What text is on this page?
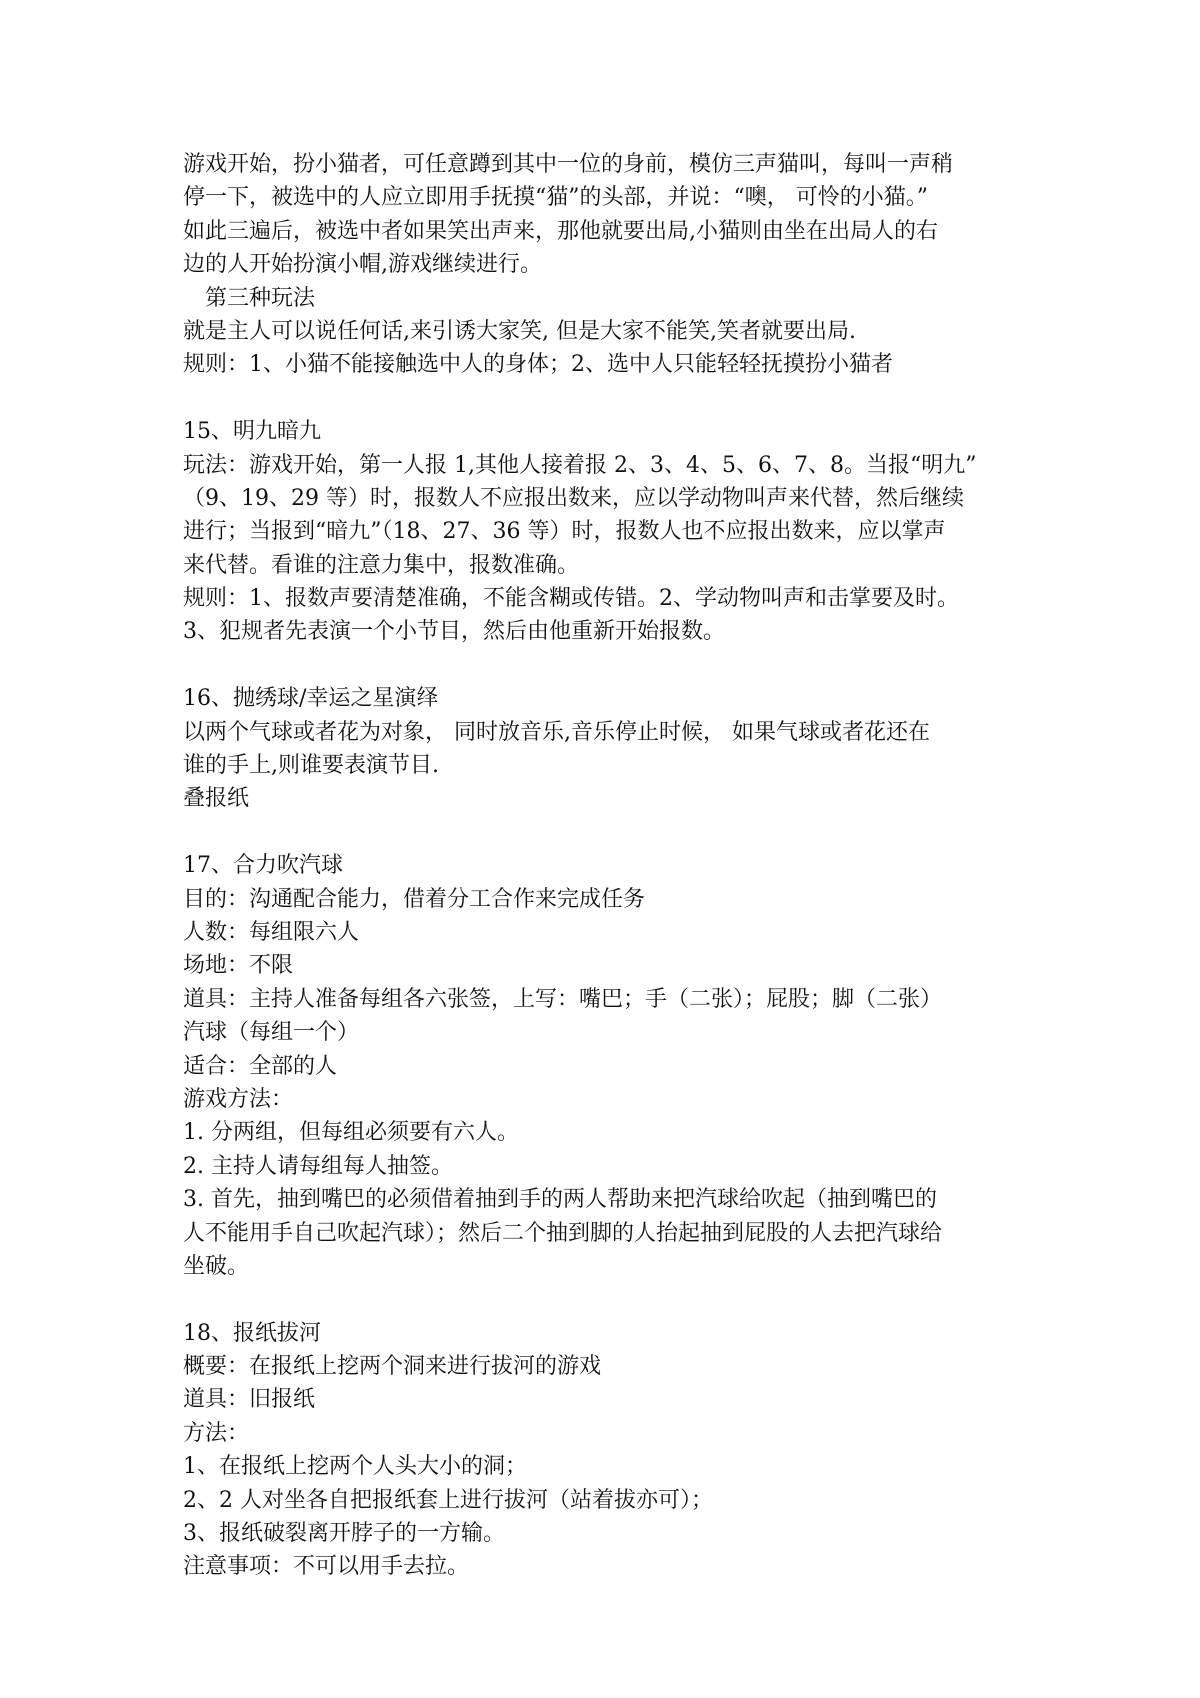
游戏开始，扮小猫者，可任意蹲到其中一位的身前，模仿三声猫叫，每叫一声稍
停一下，被选中的人应立即用手抚摸“猫”的头部，并说：“噢， 可怜的小猫。”
如此三遍后，被选中者如果笑出声来，那他就要出局,小猫则由坐在出局人的右
边的人开始扮演小帽,游戏继续进行。
第三种玩法
就是主人可以说任何话,来引诱大家笑, 但是大家不能笑,笑者就要出局.
规则：1、小猫不能接触选中人的身体；2、选中人只能轻轻抚摸扮小猫者
15、明九暗九
玩法：游戏开始，第一人报 1,其他人接着报 2、3、4、5、6、7、8。当报“明九”
（9、19、29 等）时，报数人不应报出数来，应以学动物叫声来代替，然后继续
进行；当报到“暗九”（18、27、36 等）时，报数人也不应报出数来，应以掌声
来代替。看谁的注意力集中，报数准确。
规则：1、报数声要清楚准确，不能含糊或传错。2、学动物叫声和击掌要及时。
3、犯规者先表演一个小节目，然后由他重新开始报数。
16、抛绣球/幸运之星演绎
以两个气球或者花为对象， 同时放音乐,音乐停止时候， 如果气球或者花还在
谁的手上,则谁要表演节目.
叠报纸
17、合力吹汽球
目的：沟通配合能力，借着分工合作来完成任务
人数：每组限六人
场地：不限
道具：主持人准备每组各六张签，上写：嘴巴；手（二张）；屁股；脚（二张）
汽球（每组一个）
适合：全部的人
游戏方法：
1. 分两组，但每组必须要有六人。
2. 主持人请每组每人抽签。
3. 首先，抽到嘴巴的必须借着抽到手的两人帮助来把汽球给吹起（抽到嘴巴的
人不能用手自己吹起汽球）；然后二个抽到脚的人抬起抽到屁股的人去把汽球给
坐破。
18、报纸拔河
概要：在报纸上挖两个洞来进行拔河的游戏
道具：旧报纸
方法：
1、在报纸上挖两个人头大小的洞；
2、2 人对坐各自把报纸套上进行拔河（站着拔亦可）；
3、报纸破裂离开脖子的一方输。
注意事项：不可以用手去拉。
